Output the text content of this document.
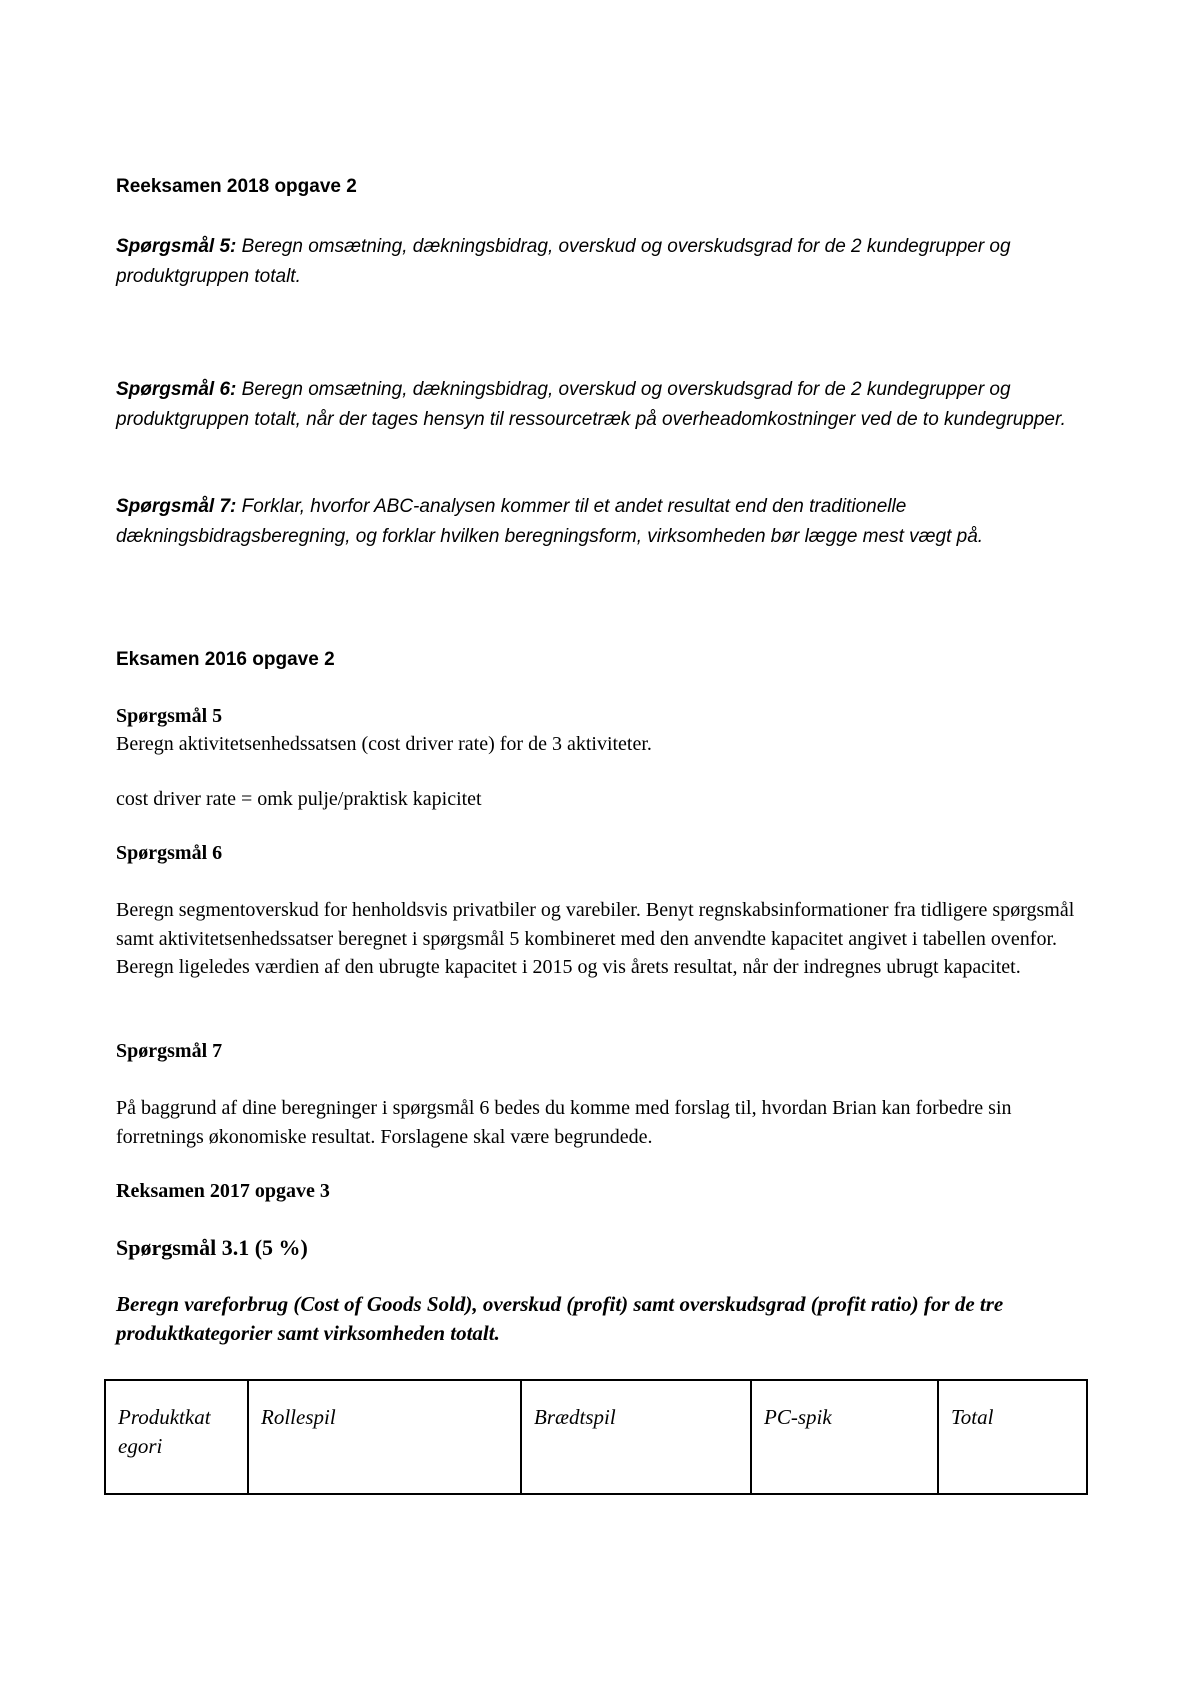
Reeksamen 2018 opgave 2

Spørgsmål 5: Beregn omsætning, dækningsbidrag, overskud og overskudsgrad for de 2 kundegrupper og produktgruppen totalt.

Spørgsmål 6: Beregn omsætning, dækningsbidrag, overskud og overskudsgrad for de 2 kundegrupper og produktgruppen totalt, når der tages hensyn til ressourcetræk på overheadomkostninger ved de to kundegrupper.

Spørgsmål 7: Forklar, hvorfor ABC-analysen kommer til et andet resultat end den traditionelle dækningsbidragsberegning, og forklar hvilken beregningsform, virksomheden bør lægge mest vægt på.

Eksamen 2016 opgave 2

Spørgsmål 5

Beregn aktivitetsenhedssatsen (cost driver rate) for de 3 aktiviteter.

cost driver rate = omk pulje/praktisk kapicitet

Spørgsmål 6

Beregn segmentoverskud for henholdsvis privatbiler og varebiler. Benyt regnskabsinformationer fra tidligere spørgsmål samt aktivitetsenhedssatser beregnet i spørgsmål 5 kombineret med den anvendte kapacitet angivet i tabellen ovenfor. Beregn ligeledes værdien af den ubrugte kapacitet i 2015 og vis årets resultat, når der indregnes ubrugt kapacitet.

Spørgsmål 7

På baggrund af dine beregninger i spørgsmål 6 bedes du komme med forslag til, hvordan Brian kan forbedre sin forretnings økonomiske resultat. Forslagene skal være begrundede.

Reksamen 2017 opgave 3

Spørgsmål 3.1 (5 %)

Beregn vareforbrug (Cost of Goods Sold), overskud (profit) samt overskudsgrad (profit ratio) for de tre produktkategorier samt virksomheden totalt.

Produktkat egori	Rollespil	Brædtspil	PC-spik	Total
